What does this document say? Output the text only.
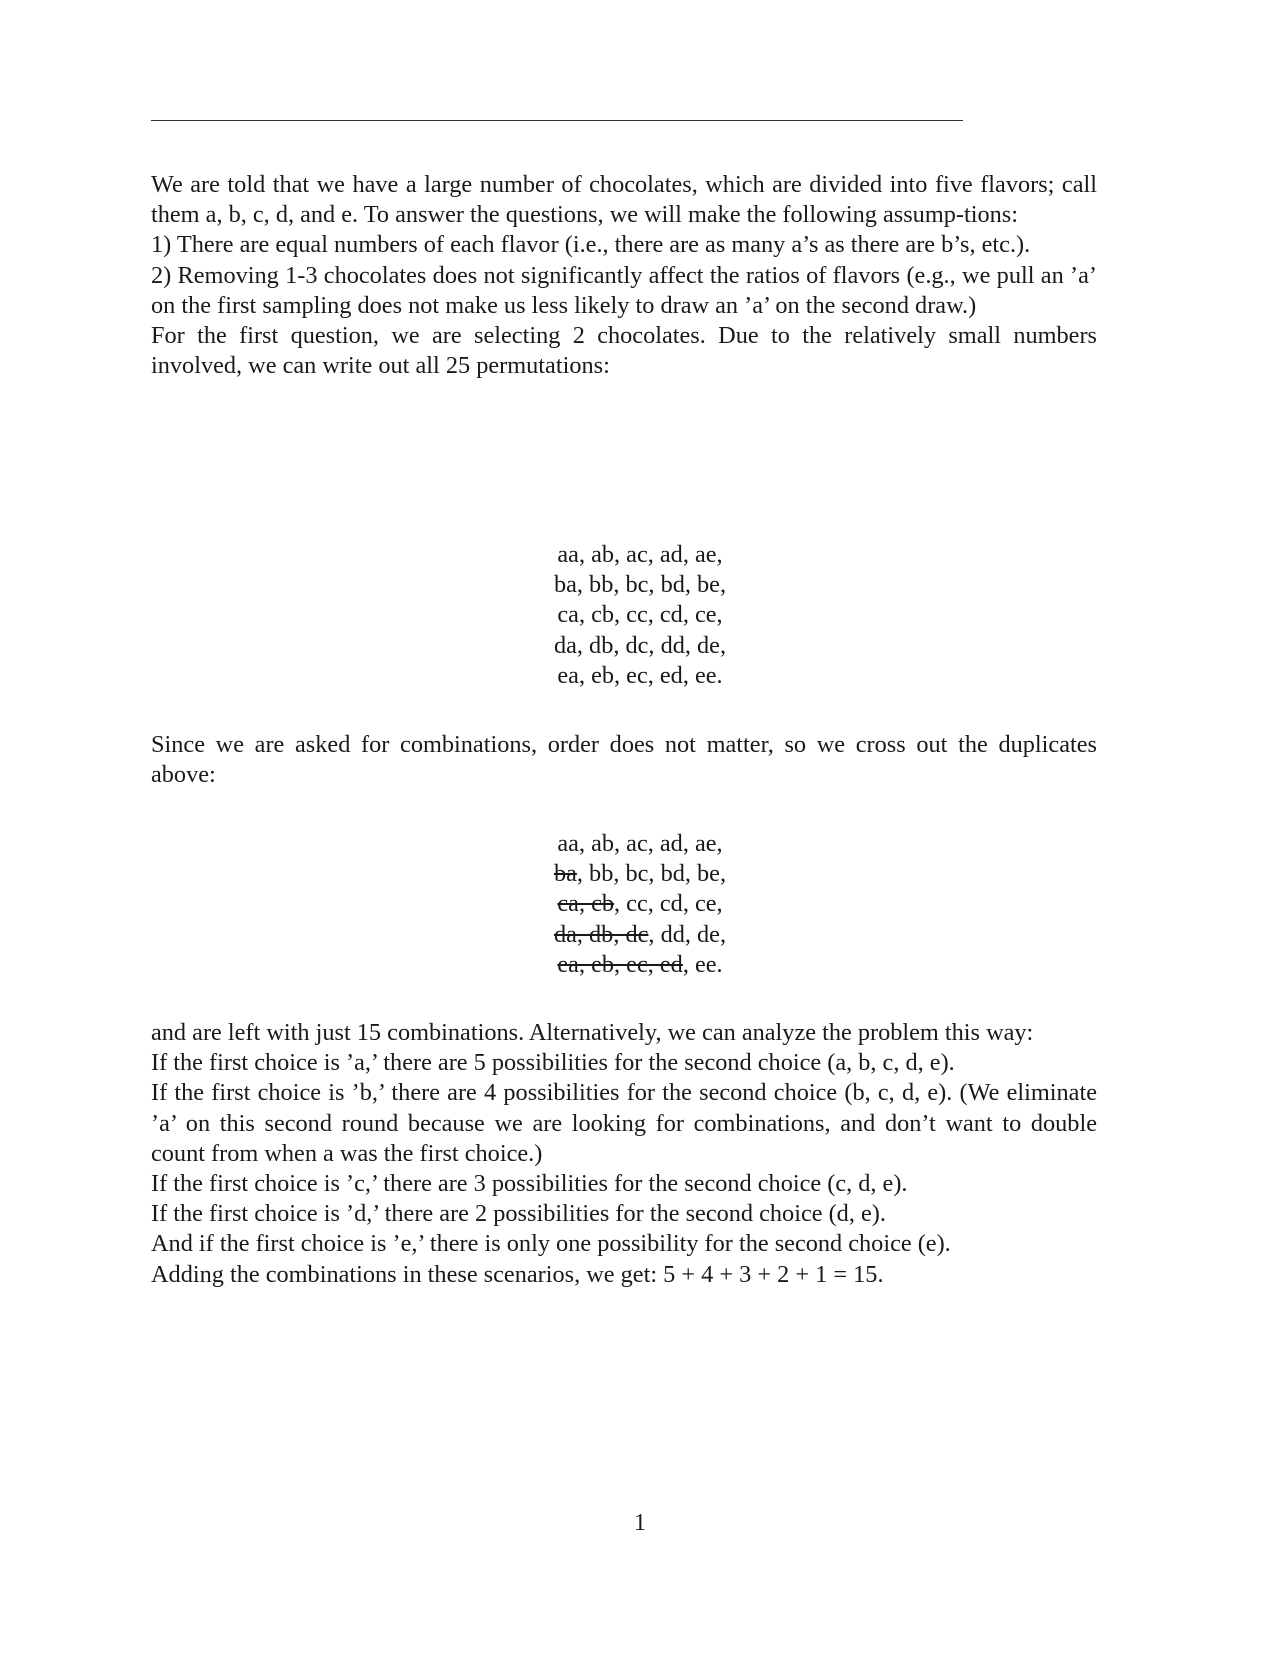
We are told that we have a large number of chocolates, which are divided into five flavors; call them a, b, c, d, and e. To answer the questions, we will make the following assump-tions:

1) There are equal numbers of each flavor (i.e., there are as many a’s as there are b’s, etc.).

2) Removing 1-3 chocolates does not significantly affect the ratios of flavors (e.g., we pull an ’a’ on the first sampling does not make us less likely to draw an ’a’ on the second draw.)

For the first question, we are selecting 2 chocolates. Due to the relatively small numbers involved, we can write out all 25 permutations:

aa, ab, ac, ad, ae,
ba, bb, bc, bd, be,
ca, cb, cc, cd, ce,
da, db, dc, dd, de,
ea, eb, ec, ed, ee.

Since we are asked for combinations, order does not matter, so we cross out the duplicates above:

aa, ab, ac, ad, ae,
ba, bb, bc, bd, be,
ca, cb, cc, cd, ce,
da, db, dc, dd, de,
ea, eb, ec, ed, ee.

and are left with just 15 combinations. Alternatively, we can analyze the problem this way:

If the first choice is ’a,’ there are 5 possibilities for the second choice (a, b, c, d, e).

If the first choice is ’b,’ there are 4 possibilities for the second choice (b, c, d, e). (We eliminate ’a’ on this second round because we are looking for combinations, and don’t want to double count from when a was the first choice.)

If the first choice is ’c,’ there are 3 possibilities for the second choice (c, d, e).

If the first choice is ’d,’ there are 2 possibilities for the second choice (d, e).

And if the first choice is ’e,’ there is only one possibility for the second choice (e).

Adding the combinations in these scenarios, we get: 5 + 4 + 3 + 2 + 1 = 15.

1
